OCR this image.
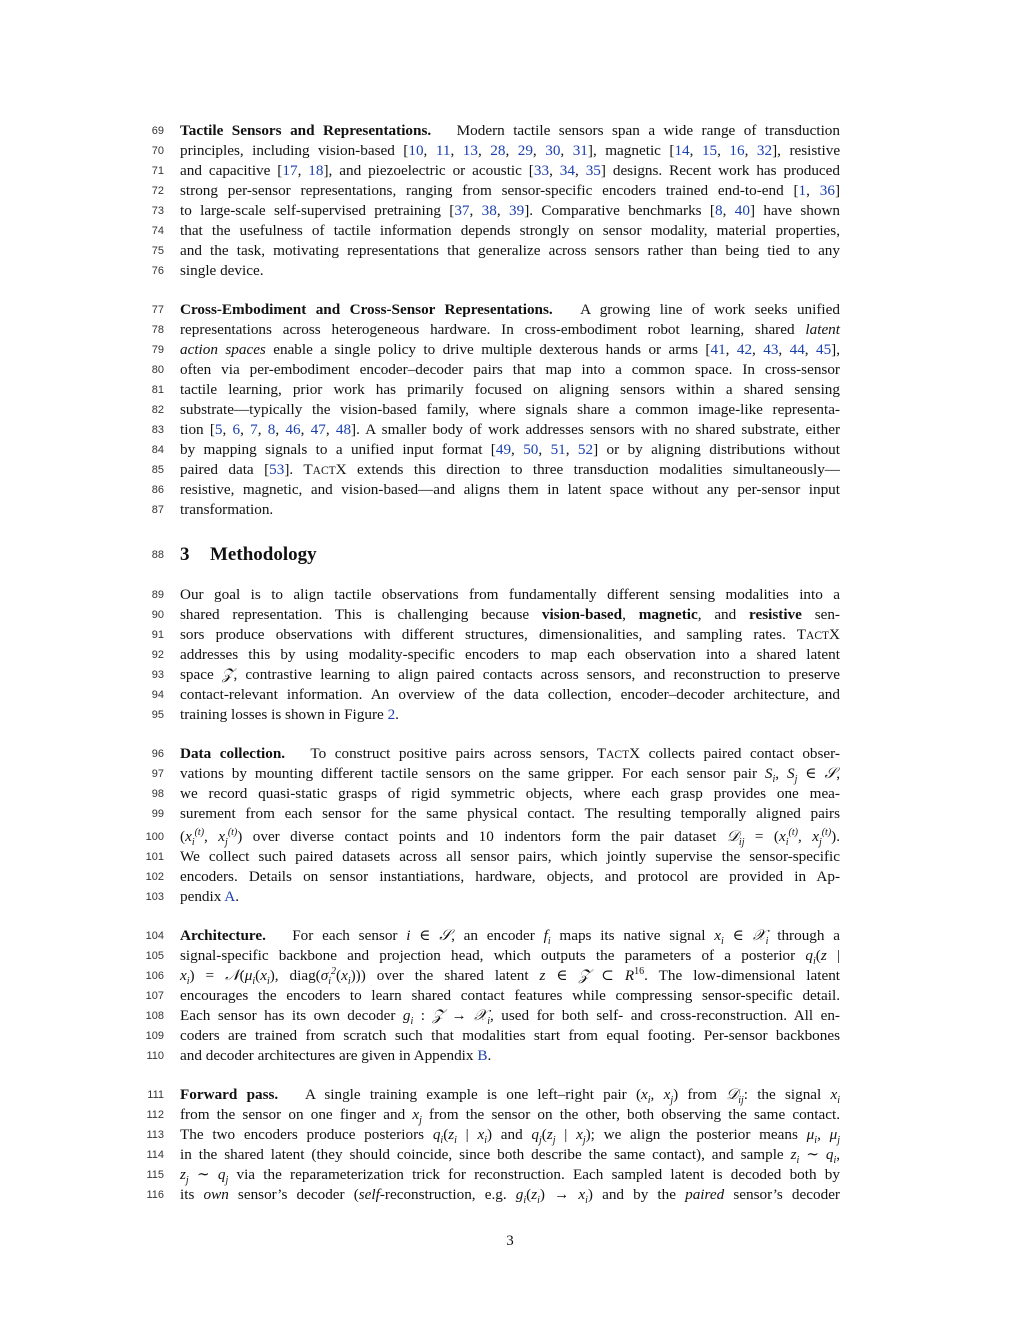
69
70
71
72
73
74
75
76
77
78
79
80
81
82
83
84
85
86
87
88
89
90
91
92
93
94
95
96
97
98
99
100
101
102
103
104
105
106
107
108
109
110
111
112
113
114
115
116
Tactile Sensors and Representations.   Modern tactile sensors span a wide range of transduction
principles, including vision-based [10, 11, 13, 28, 29, 30, 31], magnetic [14, 15, 16, 32], resistive
and capacitive [17, 18], and piezoelectric or acoustic [33, 34, 35] designs. Recent work has produced
strong per-sensor representations, ranging from sensor-specific encoders trained end-to-end [1, 36]
to large-scale self-supervised pretraining [37, 38, 39]. Comparative benchmarks [8, 40] have shown
that the usefulness of tactile information depends strongly on sensor modality, material properties,
and the task, motivating representations that generalize across sensors rather than being tied to any
single device.
Cross-Embodiment and Cross-Sensor Representations.   A growing line of work seeks unified
representations across heterogeneous hardware. In cross-embodiment robot learning, shared latent
action spaces enable a single policy to drive multiple dexterous hands or arms [41, 42, 43, 44, 45],
often via per-embodiment encoder–decoder pairs that map into a common space. In cross-sensor
tactile learning, prior work has primarily focused on aligning sensors within a shared sensing
substrate—typically the vision-based family, where signals share a common image-like representa-
tion [5, 6, 7, 8, 46, 47, 48]. A smaller body of work addresses sensors with no shared substrate, either
by mapping signals to a unified input format [49, 50, 51, 52] or by aligning distributions without
paired data [53]. TACTX extends this direction to three transduction modalities simultaneously—
resistive, magnetic, and vision-based—and aligns them in latent space without any per-sensor input
transformation.
3 Methodology
Our goal is to align tactile observations from fundamentally different sensing modalities into a
shared representation. This is challenging because vision-based, magnetic, and resistive sen-
sors produce observations with different structures, dimensionalities, and sampling rates. TACTX
addresses this by using modality-specific encoders to map each observation into a shared latent
space 𝒵, contrastive learning to align paired contacts across sensors, and reconstruction to preserve
contact-relevant information. An overview of the data collection, encoder–decoder architecture, and
training losses is shown in Figure 2.
Data collection.   To construct positive pairs across sensors, TACTX collects paired contact obser-
vations by mounting different tactile sensors on the same gripper. For each sensor pair $S_i$, $S_j$ ∈ 𝒮,
we record quasi-static grasps of rigid symmetric objects, where each grasp provides one mea-
surement from each sensor for the same physical contact. The resulting temporally aligned pairs
($x_i^{(t)}$, $x_j^{(t)}$) over diverse contact points and 10 indentors form the pair dataset 𝒟$_{ij}$ = ($x_i^{(t)}$, $x_j^{(t)}$).
We collect such paired datasets across all sensor pairs, which jointly supervise the sensor-specific
encoders. Details on sensor instantiations, hardware, objects, and protocol are provided in Ap-
pendix A.
Architecture.   For each sensor i ∈ 𝒮, an encoder $f_i$ maps its native signal $x_i$ ∈ 𝒳$_i$ through a
signal-specific backbone and projection head, which outputs the parameters of a posterior $q_i(z$ |
$x_i$) = $𝒩(\mu_i(x_i)$, $diag(\sigma_i^2(x_i))$) over the shared latent z ∈ 𝒵 ⊂ $R^{16}$. The low-dimensional latent
encourages the encoders to learn shared contact features while compressing sensor-specific detail.
Each sensor has its own decoder $g_i$ : 𝒵 → 𝒳$_i$, used for both self- and cross-reconstruction. All en-
coders are trained from scratch such that modalities start from equal footing. Per-sensor backbones
and decoder architectures are given in Appendix B.
Forward pass.   A single training example is one left–right pair ($x_i$, $x_j$) from 𝒟$_{ij}$: the signal $x_i$
from the sensor on one finger and $x_j$ from the sensor on the other, both observing the same contact.
The two encoders produce posteriors $q_i(z_i$ | $x_i$) and $q_j(z_j$ | $x_j$); we align the posterior means $\mu_i$, $\mu_j$
in the shared latent (they should coincide, since both describe the same contact), and sample $z_i$ ∼ $q_i$,
$z_j$ ∼ $q_j$ via the reparameterization trick for reconstruction. Each sampled latent is decoded both by
its own sensor’s decoder (self-reconstruction, e.g. $g_i(z_i) \to x_i$) and by the paired sensor’s decoder
3
